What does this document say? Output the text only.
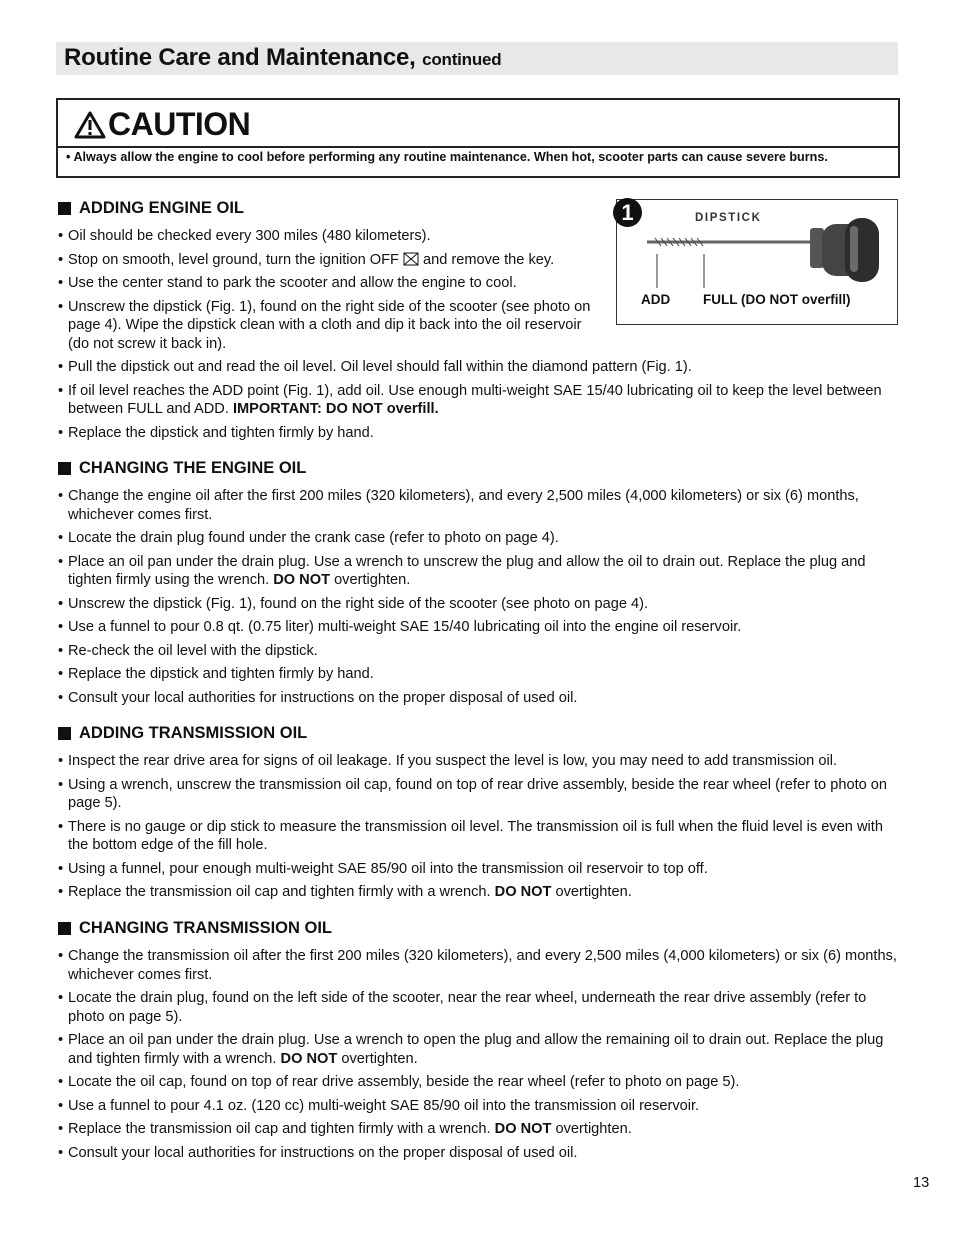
Routine Care and Maintenance, continued
CAUTION
• Always allow the engine to cool before performing any routine maintenance. When hot, scooter parts can cause severe burns.
1	DIPSTICK
ADD FULL (DO NOT overfill)
ADDING ENGINE OIL
• Oil should be checked every 300 miles (480 kilometers).
• Stop on smooth, level ground, turn the ignition OFF and remove the key.
• Use the center stand to park the scooter and allow the engine to cool.
• Unscrew the dipstick (Fig. 1), found on the right side of the scooter (see photo on page 4). Wipe the dipstick clean with a cloth and dip it back into the oil reservoir (do not screw it back in).
• Pull the dipstick out and read the oil level. Oil level should fall within the diamond pattern (Fig. 1).
• If oil level reaches the ADD point (Fig. 1), add oil. Use enough multi-weight SAE 15/40 lubricating oil to keep the level between between FULL and ADD. IMPORTANT: DO NOT overfill.
• Replace the dipstick and tighten firmly by hand.
CHANGING THE ENGINE OIL
• Change the engine oil after the first 200 miles (320 kilometers), and every 2,500 miles (4,000 kilometers) or six (6) months, whichever comes first.
• Locate the drain plug found under the crank case (refer to photo on page 4).
• Place an oil pan under the drain plug. Use a wrench to unscrew the plug and allow the oil to drain out. Replace the plug and tighten firmly using the wrench. DO NOT overtighten.
• Unscrew the dipstick (Fig. 1), found on the right side of the scooter (see photo on page 4).
• Use a funnel to pour 0.8 qt. (0.75 liter) multi-weight SAE 15/40 lubricating oil into the engine oil reservoir.
• Re-check the oil level with the dipstick.
• Replace the dipstick and tighten firmly by hand.
• Consult your local authorities for instructions on the proper disposal of used oil.
ADDING TRANSMISSION OIL
• Inspect the rear drive area for signs of oil leakage. If you suspect the level is low, you may need to add transmission oil.
• Using a wrench, unscrew the transmission oil cap, found on top of rear drive assembly, beside the rear wheel (refer to photo on page 5).
• There is no gauge or dip stick to measure the transmission oil level. The transmission oil is full when the fluid level is even with the bottom edge of the fill hole.
• Using a funnel, pour enough multi-weight SAE 85/90 oil into the transmission oil reservoir to top off.
• Replace the transmission oil cap and tighten firmly with a wrench. DO NOT overtighten.
CHANGING TRANSMISSION OIL
• Change the transmission oil after the first 200 miles (320 kilometers), and every 2,500 miles (4,000 kilometers) or six (6) months, whichever comes first.
• Locate the drain plug, found on the left side of the scooter, near the rear wheel, underneath the rear drive assembly (refer to photo on page 5).
• Place an oil pan under the drain plug. Use a wrench to open the plug and allow the remaining oil to drain out. Replace the plug and tighten firmly with a wrench. DO NOT overtighten.
• Locate the oil cap, found on top of rear drive assembly, beside the rear wheel (refer to photo on page 5).
• Use a funnel to pour 4.1 oz. (120 cc) multi-weight SAE 85/90 oil into the transmission oil reservoir.
• Replace the transmission oil cap and tighten firmly with a wrench. DO NOT overtighten.
• Consult your local authorities for instructions on the proper disposal of used oil.
13
